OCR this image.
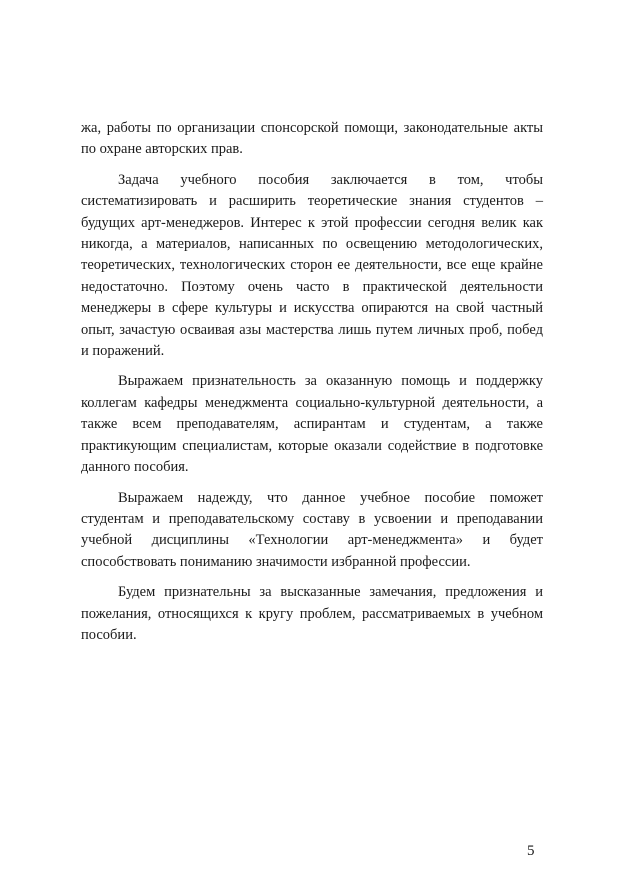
жа, работы по организации спонсорской помощи, законодательные акты по охране авторских прав.

Задача учебного пособия заключается в том, чтобы систематизировать и расширить теоретические знания студентов – будущих арт-менеджеров. Интерес к этой профессии сегодня велик как никогда, а материалов, написанных по освещению методологических, теоретических, технологических сторон ее деятельности, все еще крайне недостаточно. Поэтому очень часто в практической деятельности менеджеры в сфере культуры и искусства опираются на свой частный опыт, зачастую осваивая азы мастерства лишь путем личных проб, побед и поражений.

Выражаем признательность за оказанную помощь и поддержку коллегам кафедры менеджмента социально-культурной деятельности, а также всем преподавателям, аспирантам и студентам, а также практикующим специалистам, которые оказали содействие в подготовке данного пособия.

Выражаем надежду, что данное учебное пособие поможет студентам и преподавательскому составу в усвоении и преподавании учебной дисциплины «Технологии арт-менеджмента» и будет способствовать пониманию значимости избранной профессии.

Будем признательны за высказанные замечания, предложения и пожелания, относящихся к кругу проблем, рассматриваемых в учебном пособии.

5
